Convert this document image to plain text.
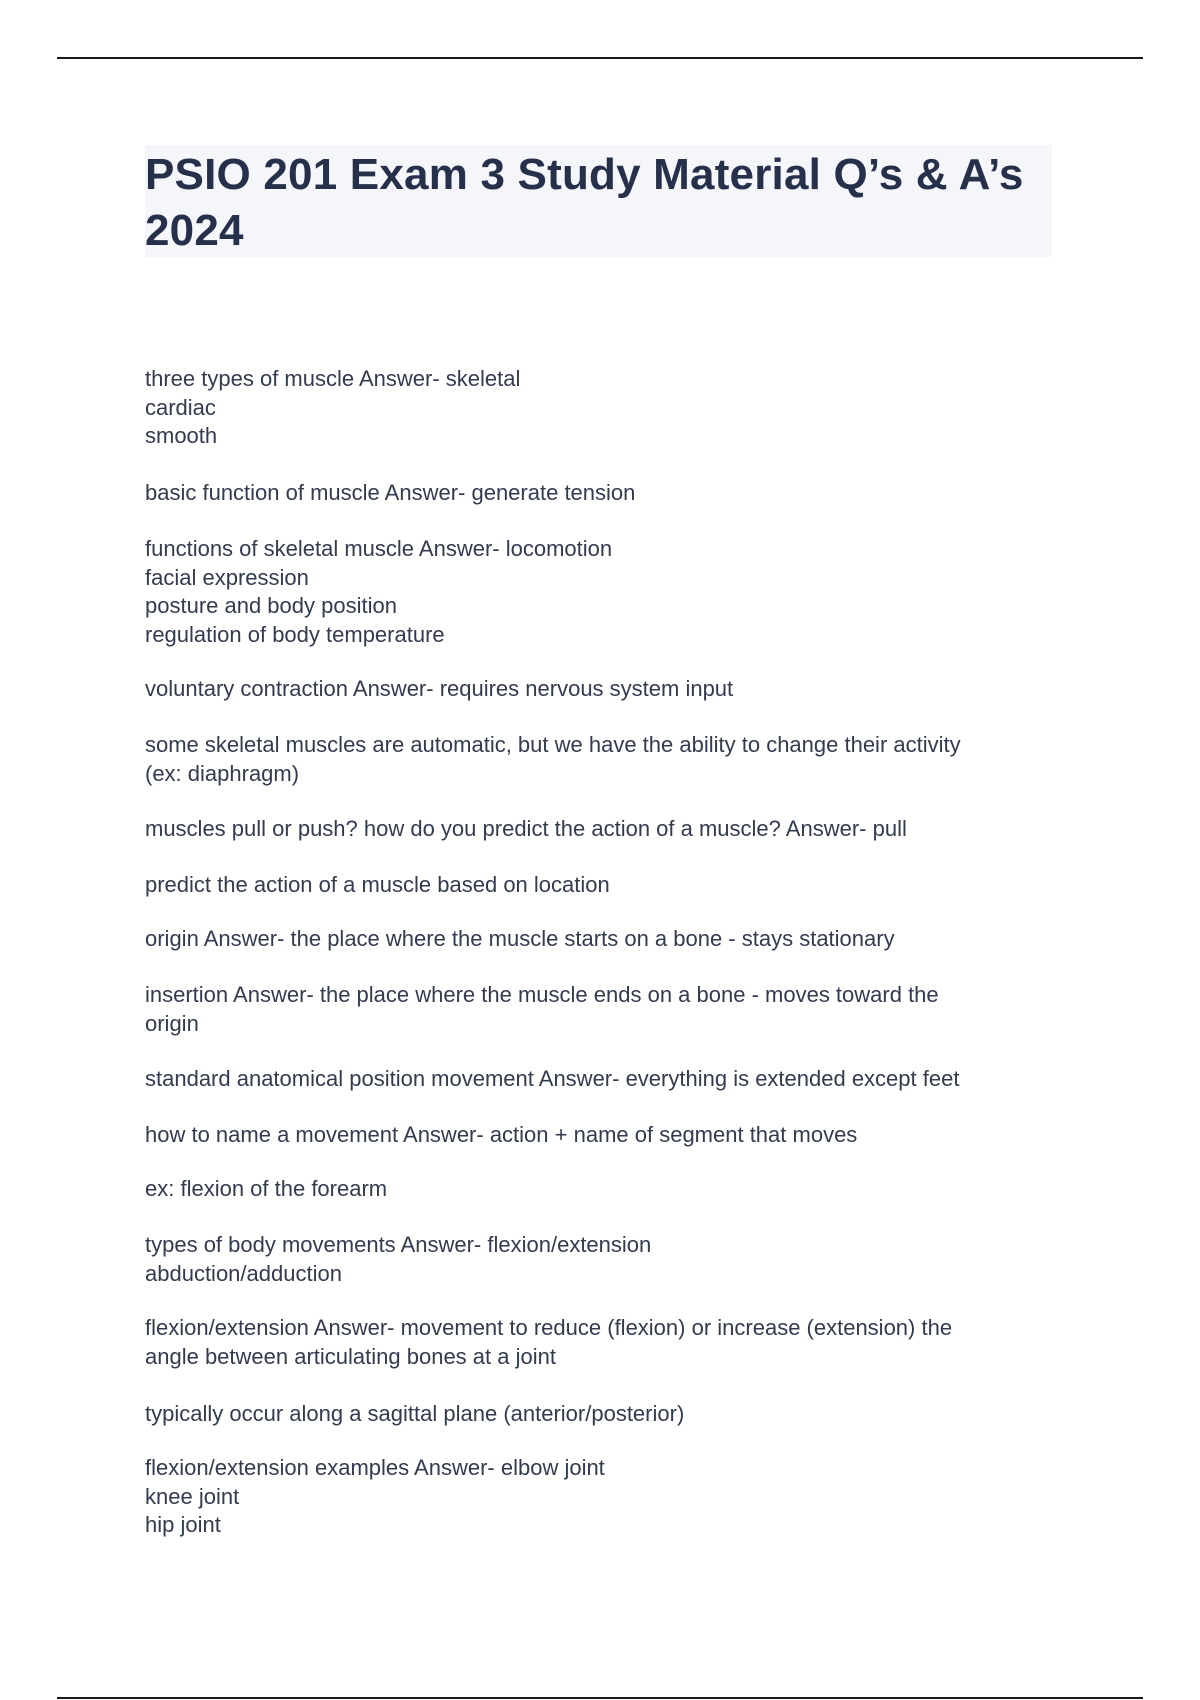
PSIO 201 Exam 3 Study Material Q’s & A’s 2024

three types of muscle Answer- skeletal
cardiac
smooth

basic function of muscle Answer- generate tension

functions of skeletal muscle Answer- locomotion
facial expression
posture and body position
regulation of body temperature

voluntary contraction Answer- requires nervous system input

some skeletal muscles are automatic, but we have the ability to change their activity
(ex: diaphragm)

muscles pull or push? how do you predict the action of a muscle? Answer- pull

predict the action of a muscle based on location

origin Answer- the place where the muscle starts on a bone - stays stationary

insertion Answer- the place where the muscle ends on a bone - moves toward the
origin

standard anatomical position movement Answer- everything is extended except feet

how to name a movement Answer- action + name of segment that moves

ex: flexion of the forearm

types of body movements Answer- flexion/extension
abduction/adduction

flexion/extension Answer- movement to reduce (flexion) or increase (extension) the
angle between articulating bones at a joint

typically occur along a sagittal plane (anterior/posterior)

flexion/extension examples Answer- elbow joint
knee joint
hip joint
